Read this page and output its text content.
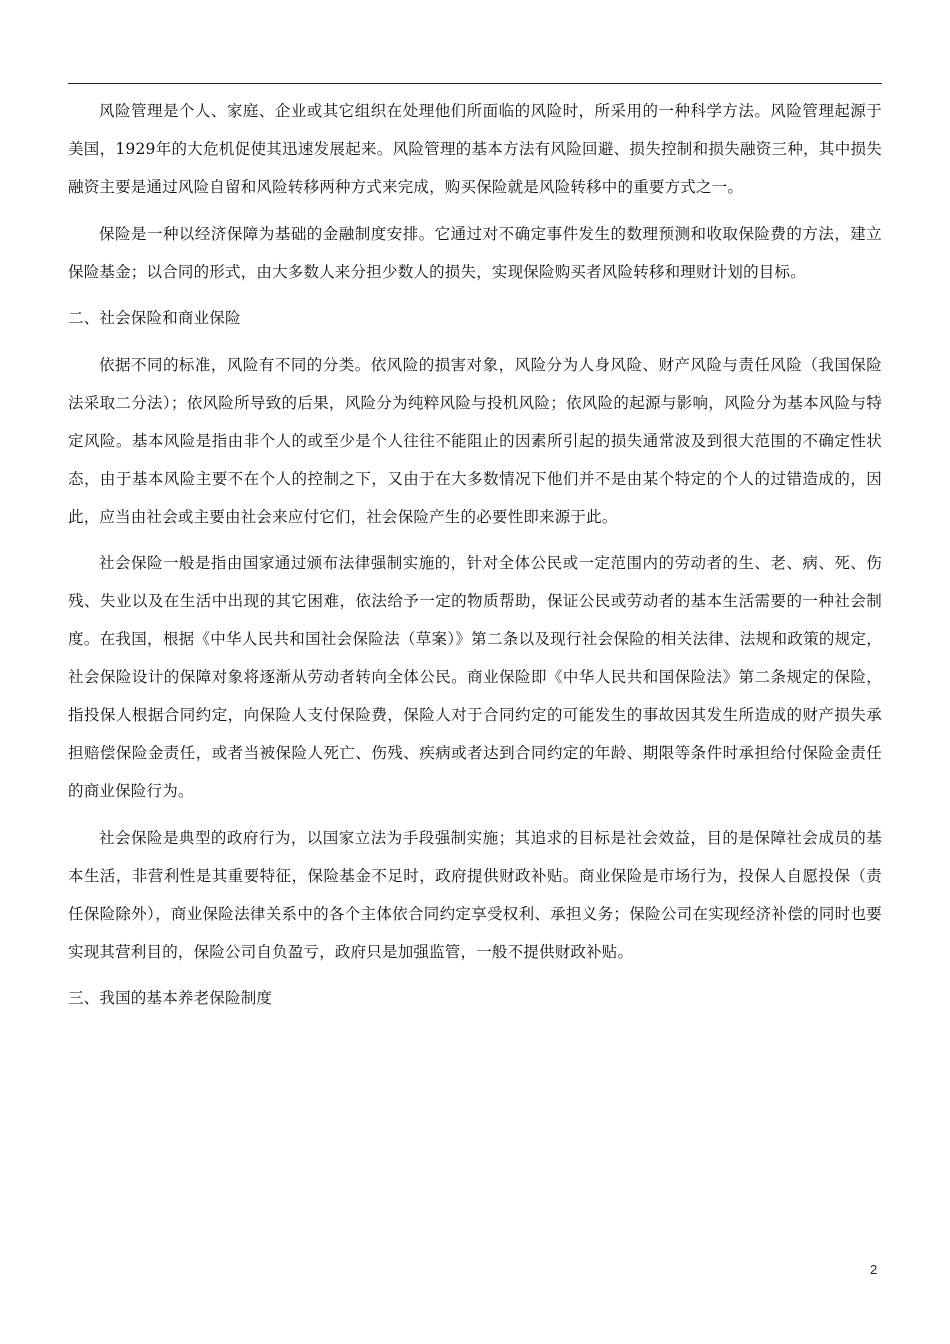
风险管理是个人、家庭、企业或其它组织在处理他们所面临的风险时，所采用的一种科学方法。风险管理起源于美国，1929年的大危机促使其迅速发展起来。风险管理的基本方法有风险回避、损失控制和损失融资三种，其中损失融资主要是通过风险自留和风险转移两种方式来完成，购买保险就是风险转移中的重要方式之一。

保险是一种以经济保障为基础的金融制度安排。它通过对不确定事件发生的数理预测和收取保险费的方法，建立保险基金；以合同的形式，由大多数人来分担少数人的损失，实现保险购买者风险转移和理财计划的目标。

二、社会保险和商业保险

依据不同的标准，风险有不同的分类。依风险的损害对象，风险分为人身风险、财产风险与责任风险（我国保险法采取二分法）；依风险所导致的后果，风险分为纯粹风险与投机风险；依风险的起源与影响，风险分为基本风险与特定风险。基本风险是指由非个人的或至少是个人往往不能阻止的因素所引起的损失通常波及到很大范围的不确定性状态，由于基本风险主要不在个人的控制之下，又由于在大多数情况下他们并不是由某个特定的个人的过错造成的，因此，应当由社会或主要由社会来应付它们，社会保险产生的必要性即来源于此。

社会保险一般是指由国家通过颁布法律强制实施的，针对全体公民或一定范围内的劳动者的生、老、病、死、伤残、失业以及在生活中出现的其它困难，依法给予一定的物质帮助，保证公民或劳动者的基本生活需要的一种社会制度。在我国，根据《中华人民共和国社会保险法（草案）》第二条以及现行社会保险的相关法律、法规和政策的规定，社会保险设计的保障对象将逐渐从劳动者转向全体公民。商业保险即《中华人民共和国保险法》第二条规定的保险，指投保人根据合同约定，向保险人支付保险费，保险人对于合同约定的可能发生的事故因其发生所造成的财产损失承担赔偿保险金责任，或者当被保险人死亡、伤残、疾病或者达到合同约定的年龄、期限等条件时承担给付保险金责任的商业保险行为。

社会保险是典型的政府行为，以国家立法为手段强制实施；其追求的目标是社会效益，目的是保障社会成员的基本生活，非营利性是其重要特征，保险基金不足时，政府提供财政补贴。商业保险是市场行为，投保人自愿投保（责任保险除外），商业保险法律关系中的各个主体依合同约定享受权利、承担义务；保险公司在实现经济补偿的同时也要实现其营利目的，保险公司自负盈亏，政府只是加强监管，一般不提供财政补贴。

三、我国的基本养老保险制度

2
